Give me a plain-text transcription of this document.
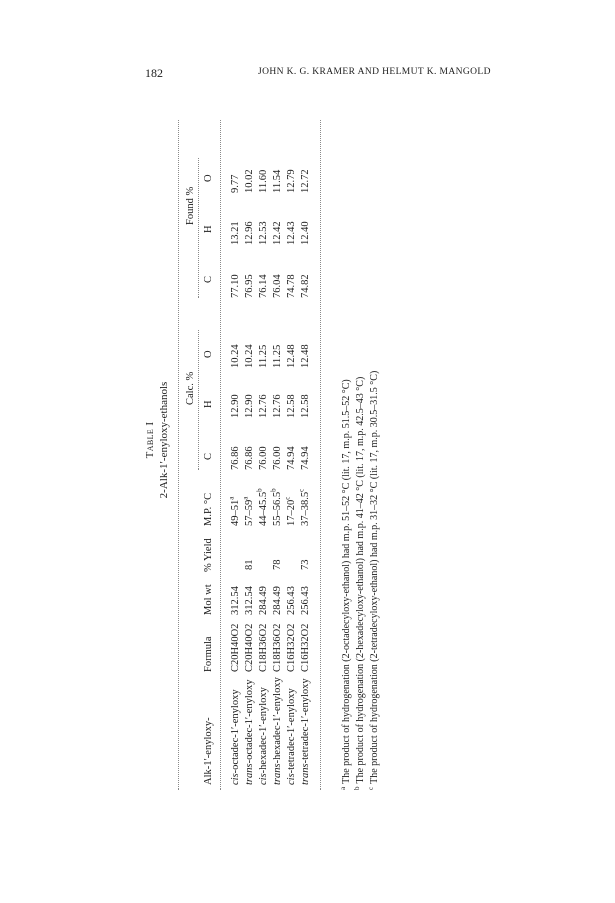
182	JOHN K. G. KRAMER AND HELMUT K. MANGOLD
Table I 2-Alk-1′-enyloxy-ethanols Calc. %
Found %
Alk-1′-enyloxy-
Formula
Mol wt
% Yield
M.P. °C
C
H
O
C
H
O
cis-octadec-1′-enyloxy
C20H40O2
312.54
49–51$^a$
76.86
12.90
10.24
77.10
13.21
9.77
trans-octadec-1′-enyloxy
C20H40O2
312.54
57–59$^a$
76.86
12.90
10.24
76.95
12.96
10.02
cis-hexadec-1′-enyloxy
C18H36O2
284.49
44–45.5$^b$
76.00
12.76
11.25
76.14
12.53
11.60
trans-hexadec-1′-enyloxy
C18H36O2
284.49
55–56.5$^b$
76.00
12.76
11.25
76.04
12.42
11.54
cis-tetradec-1′-enyloxy
C16H32O2
256.43
17–20$^c$
74.94
12.58
12.48
74.78
12.43
12.79
trans-tetradec-1′-enyloxy
C16H32O2
256.43
37–38.5$^c$
74.94
12.58
12.48
74.82
12.40
12.72
81 78 73
$^a$The product of hydrogenation (2-octadecyloxy-ethanol) had m.p. 51–52 °C (lit. 17, m.p. 51.5–52 °C)
$^b$The product of hydrogenation (2-hexadecyloxy-ethanol) had m.p. 41–42 °C (lit. 17, m.p. 42.5–43 °C)
$^c$The product of hydrogenation (2-tetradecyloxy-ethanol) had m.p. 31–32 °C (lit. 17, m.p. 30.5–31.5 °C)
